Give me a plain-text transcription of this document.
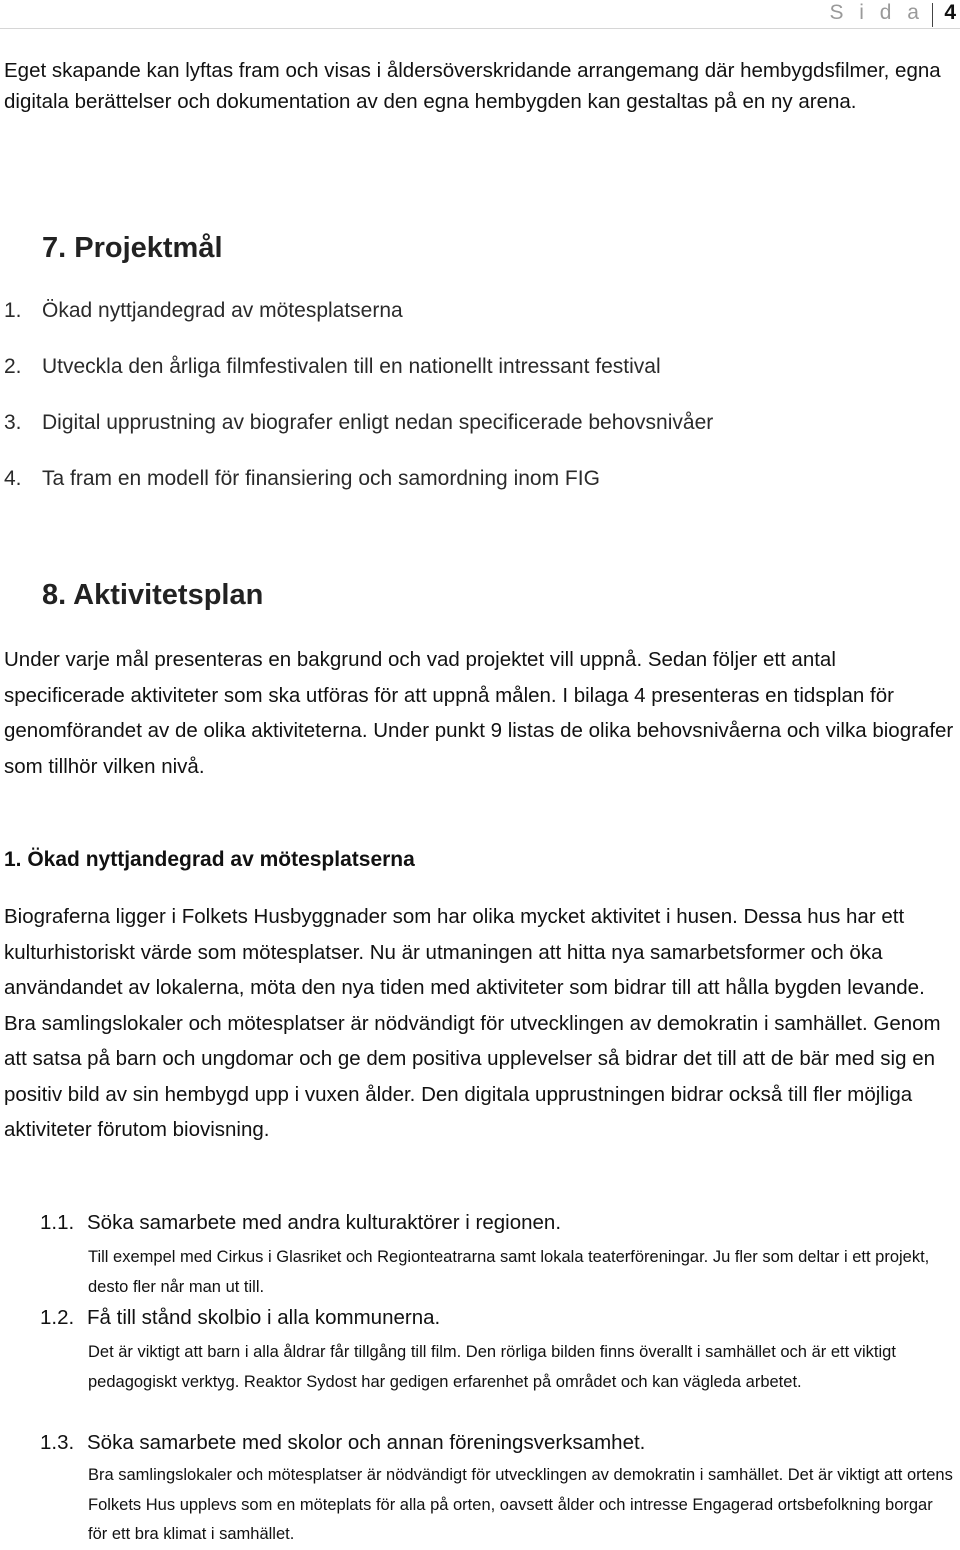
S i d a 4

Eget skapande kan lyftas fram och visas i åldersöverskridande arrangemang där hembygdsfilmer, egna digitala berättelser och dokumentation av den egna hembygden kan gestaltas på en ny arena.

7. Projektmål
1. Ökad nyttjandegrad av mötesplatserna
2. Utveckla den årliga filmfestivalen till en nationellt intressant festival
3. Digital upprustning av biografer enligt nedan specificerade behovsnivåer
4. Ta fram en modell för finansiering och samordning inom FIG
8. Aktivitetsplan

Under varje mål presenteras en bakgrund och vad projektet vill uppnå. Sedan följer ett antal specificerade aktiviteter som ska utföras för att uppnå målen. I bilaga 4 presenteras en tidsplan för genomförandet av de olika aktiviteterna. Under punkt 9 listas de olika behovsnivåerna och vilka biografer som tillhör vilken nivå.

1. Ökad nyttjandegrad av mötesplatserna

Biograferna ligger i Folkets Husbyggnader som har olika mycket aktivitet i husen. Dessa hus har ett kulturhistoriskt värde som mötesplatser. Nu är utmaningen att hitta nya samarbetsformer och öka användandet av lokalerna, möta den nya tiden med aktiviteter som bidrar till att hålla bygden levande. Bra samlingslokaler och mötesplatser är nödvändigt för utvecklingen av demokratin i samhället. Genom att satsa på barn och ungdomar och ge dem positiva upplevelser så bidrar det till att de bär med sig en positiv bild av sin hembygd upp i vuxen ålder. Den digitala upprustningen bidrar också till fler möjliga aktiviteter förutom biovisning.

1.1. Söka samarbete med andra kulturaktörer i regionen.

Till exempel med Cirkus i Glasriket och Regionteatrarna samt lokala teaterföreningar. Ju fler som deltar i ett projekt, desto fler når man ut till.

1.2. Få till stånd skolbio i alla kommunerna.

Det är viktigt att barn i alla åldrar får tillgång till film. Den rörliga bilden finns överallt i samhället och är ett viktigt pedagogiskt verktyg. Reaktor Sydost har gedigen erfarenhet på området och kan vägleda arbetet.

1.3. Söka samarbete med skolor och annan föreningsverksamhet.

Bra samlingslokaler och mötesplatser är nödvändigt för utvecklingen av demokratin i samhället. Det är viktigt att ortens Folkets Hus upplevs som en möteplats för alla på orten, oavsett ålder och intresse Engagerad ortsbefolkning borgar för ett bra klimat i samhället.
